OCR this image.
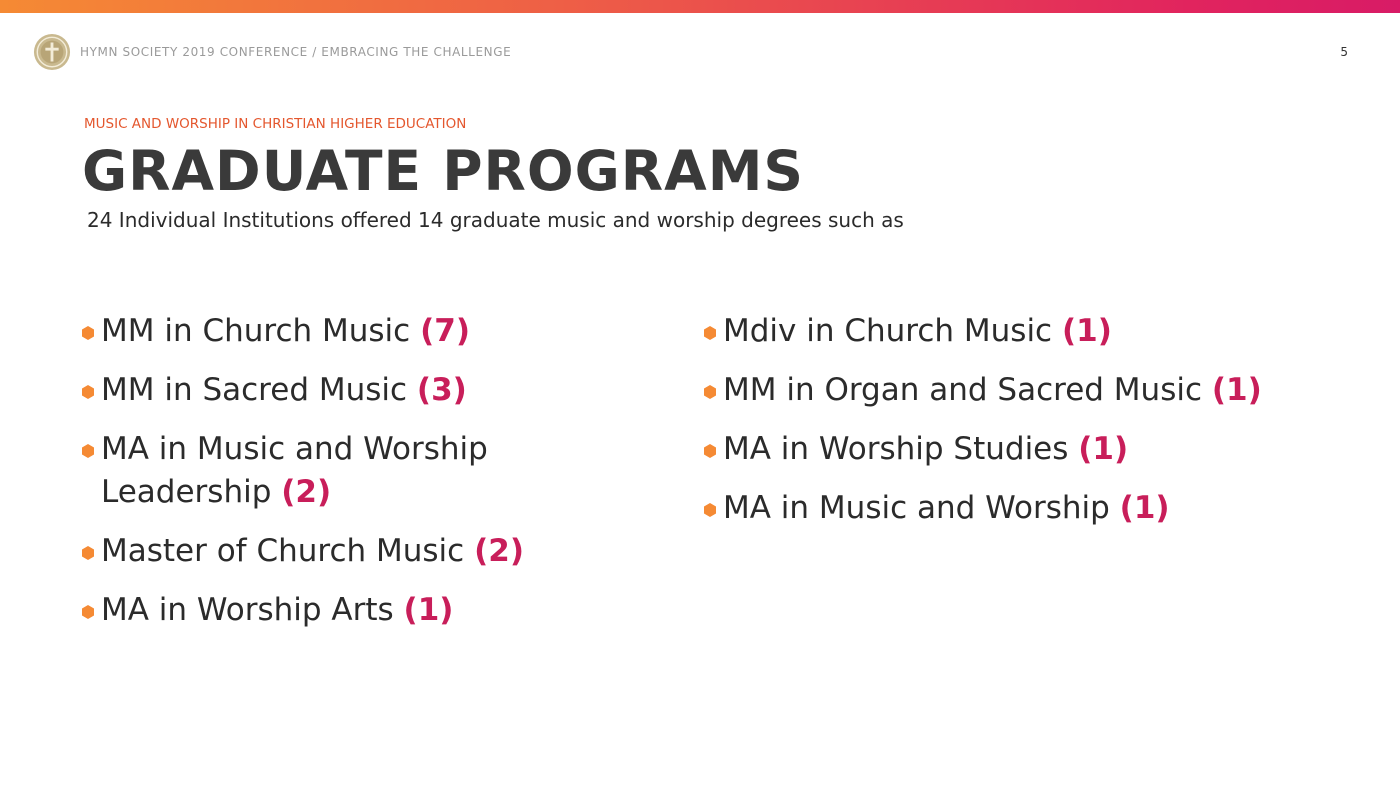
HYMN SOCIETY 2019 CONFERENCE / EMBRACING THE CHALLENGE	5
MUSIC AND WORSHIP IN CHRISTIAN HIGHER EDUCATION
GRADUATE PROGRAMS
24 Individual Institutions offered 14 graduate music and worship degrees such as
MM in Church Music (7)
MM in Sacred Music (3)
MA in Music and Worship Leadership (2)
Master of Church Music (2)
MA in Worship Arts (1)
Mdiv in Church Music (1)
MM in Organ and Sacred Music (1)
MA in Worship Studies (1)
MA in Music and Worship (1)
